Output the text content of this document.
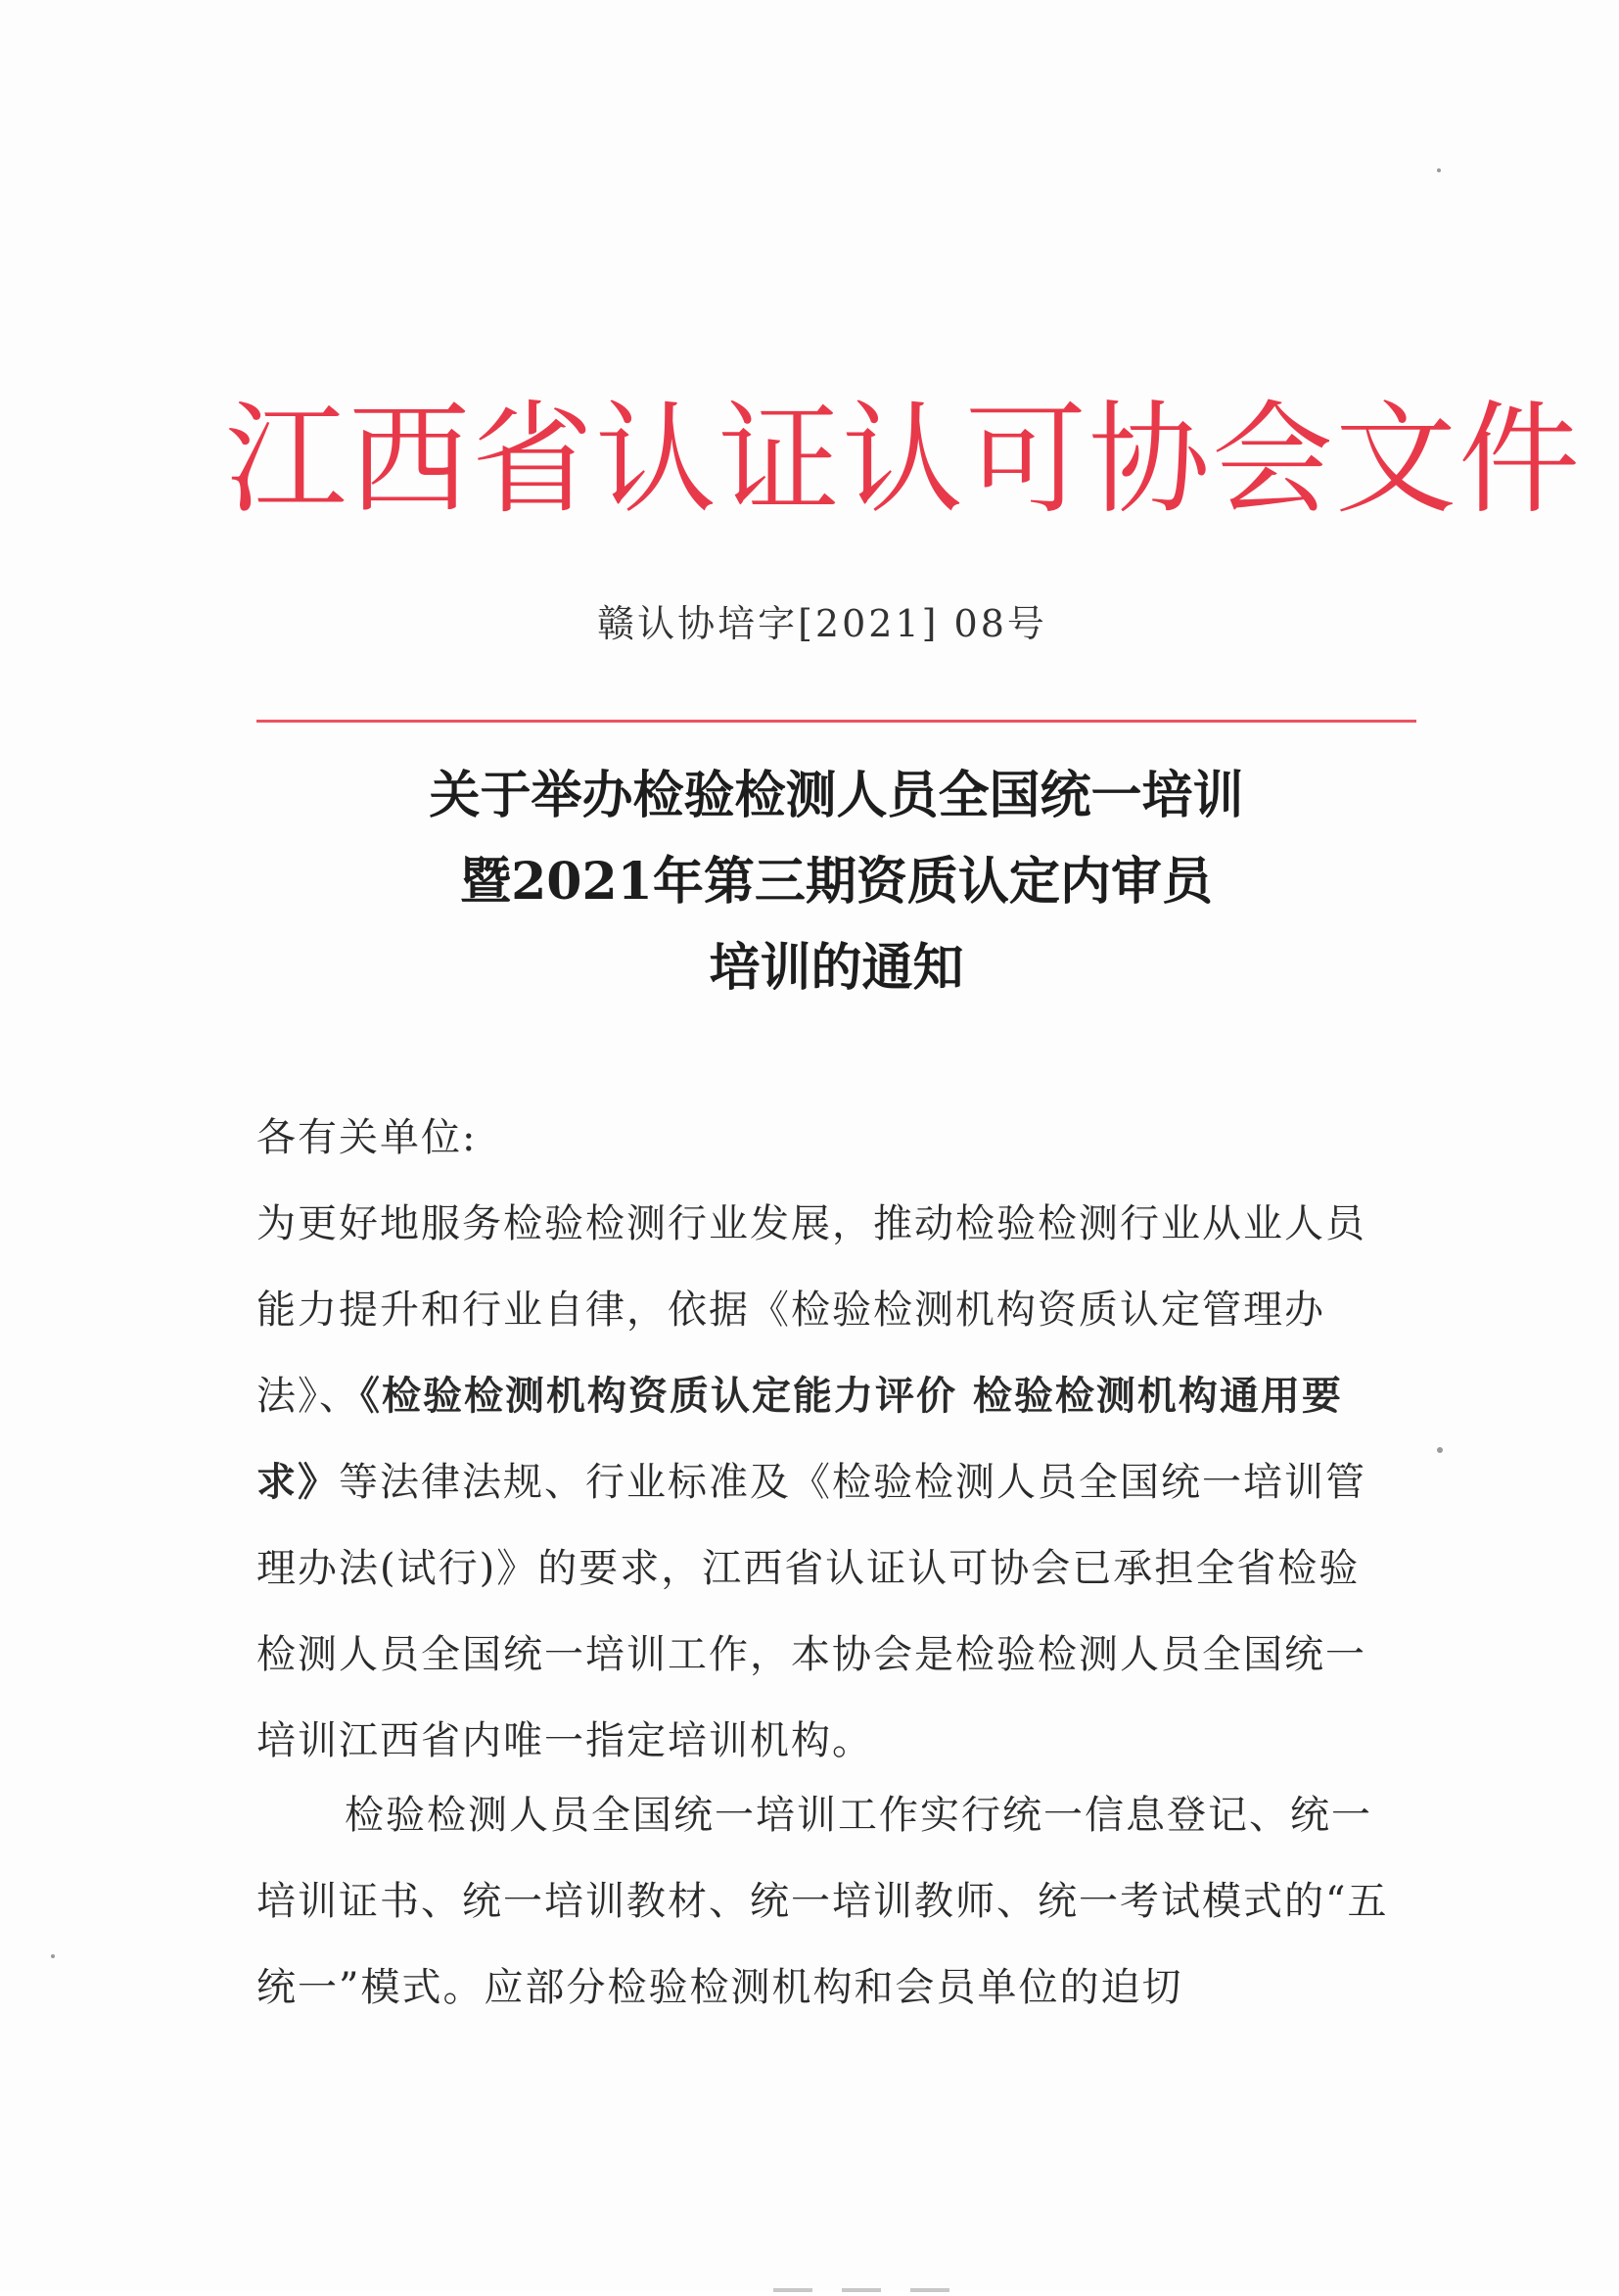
江西省认证认可协会文件
赣认协培字[2021] 08号
关于举办检验检测人员全国统一培训
暨2021年第三期资质认定内审员
培训的通知
各有关单位:
为更好地服务检验检测行业发展，推动检验检测行业从业人员能力提升和行业自律，依据《检验检测机构资质认定管理办法》、《检验检测机构资质认定能力评价 检验检测机构通用要求》等法律法规、行业标准及《检验检测人员全国统一培训管理办法(试行)》的要求，江西省认证认可协会已承担全省检验检测人员全国统一培训工作，本协会是检验检测人员全国统一培训江西省内唯一指定培训机构。
检验检测人员全国统一培训工作实行统一信息登记、统一培训证书、统一培训教材、统一培训教师、统一考试模式的“五统一”模式。应部分检验检测机构和会员单位的迫切
